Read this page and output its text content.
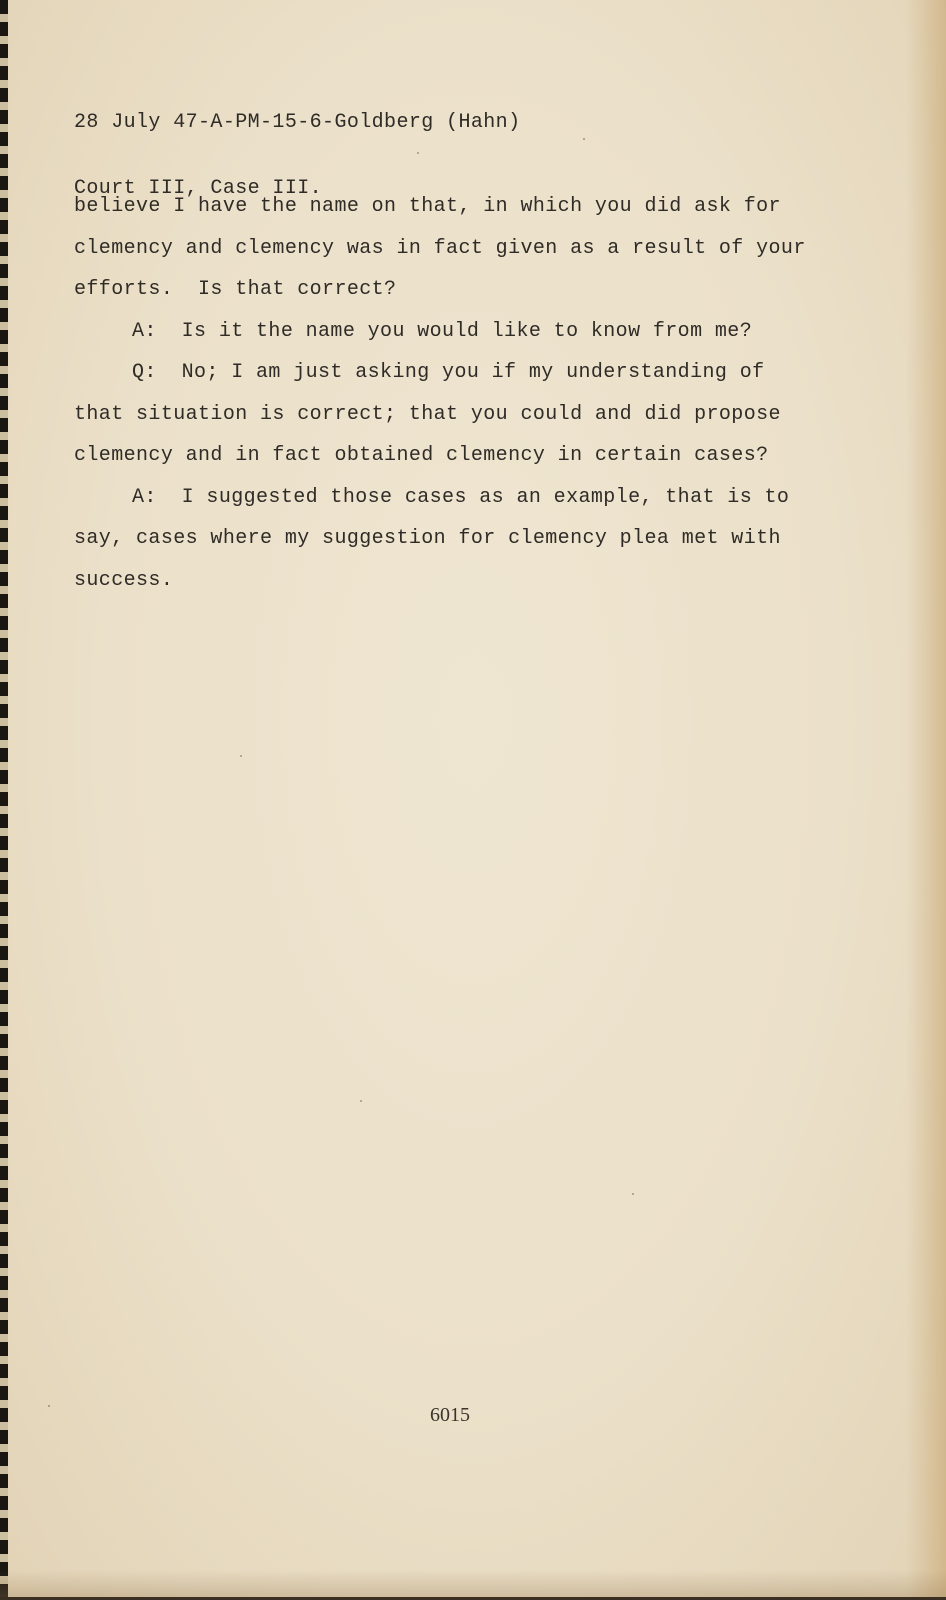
28 July 47-A-PM-15-6-Goldberg (Hahn)

Court III, Case III.

believe I have the name on that, in which you did ask for
clemency and clemency was in fact given as a result of your
efforts.  Is that correct?
A:  Is it the name you would like to know from me?
Q:  No; I am just asking you if my understanding of
that situation is correct; that you could and did propose
clemency and in fact obtained clemency in certain cases?
A:  I suggested those cases as an example, that is to
say, cases where my suggestion for clemency plea met with
success.
6015
